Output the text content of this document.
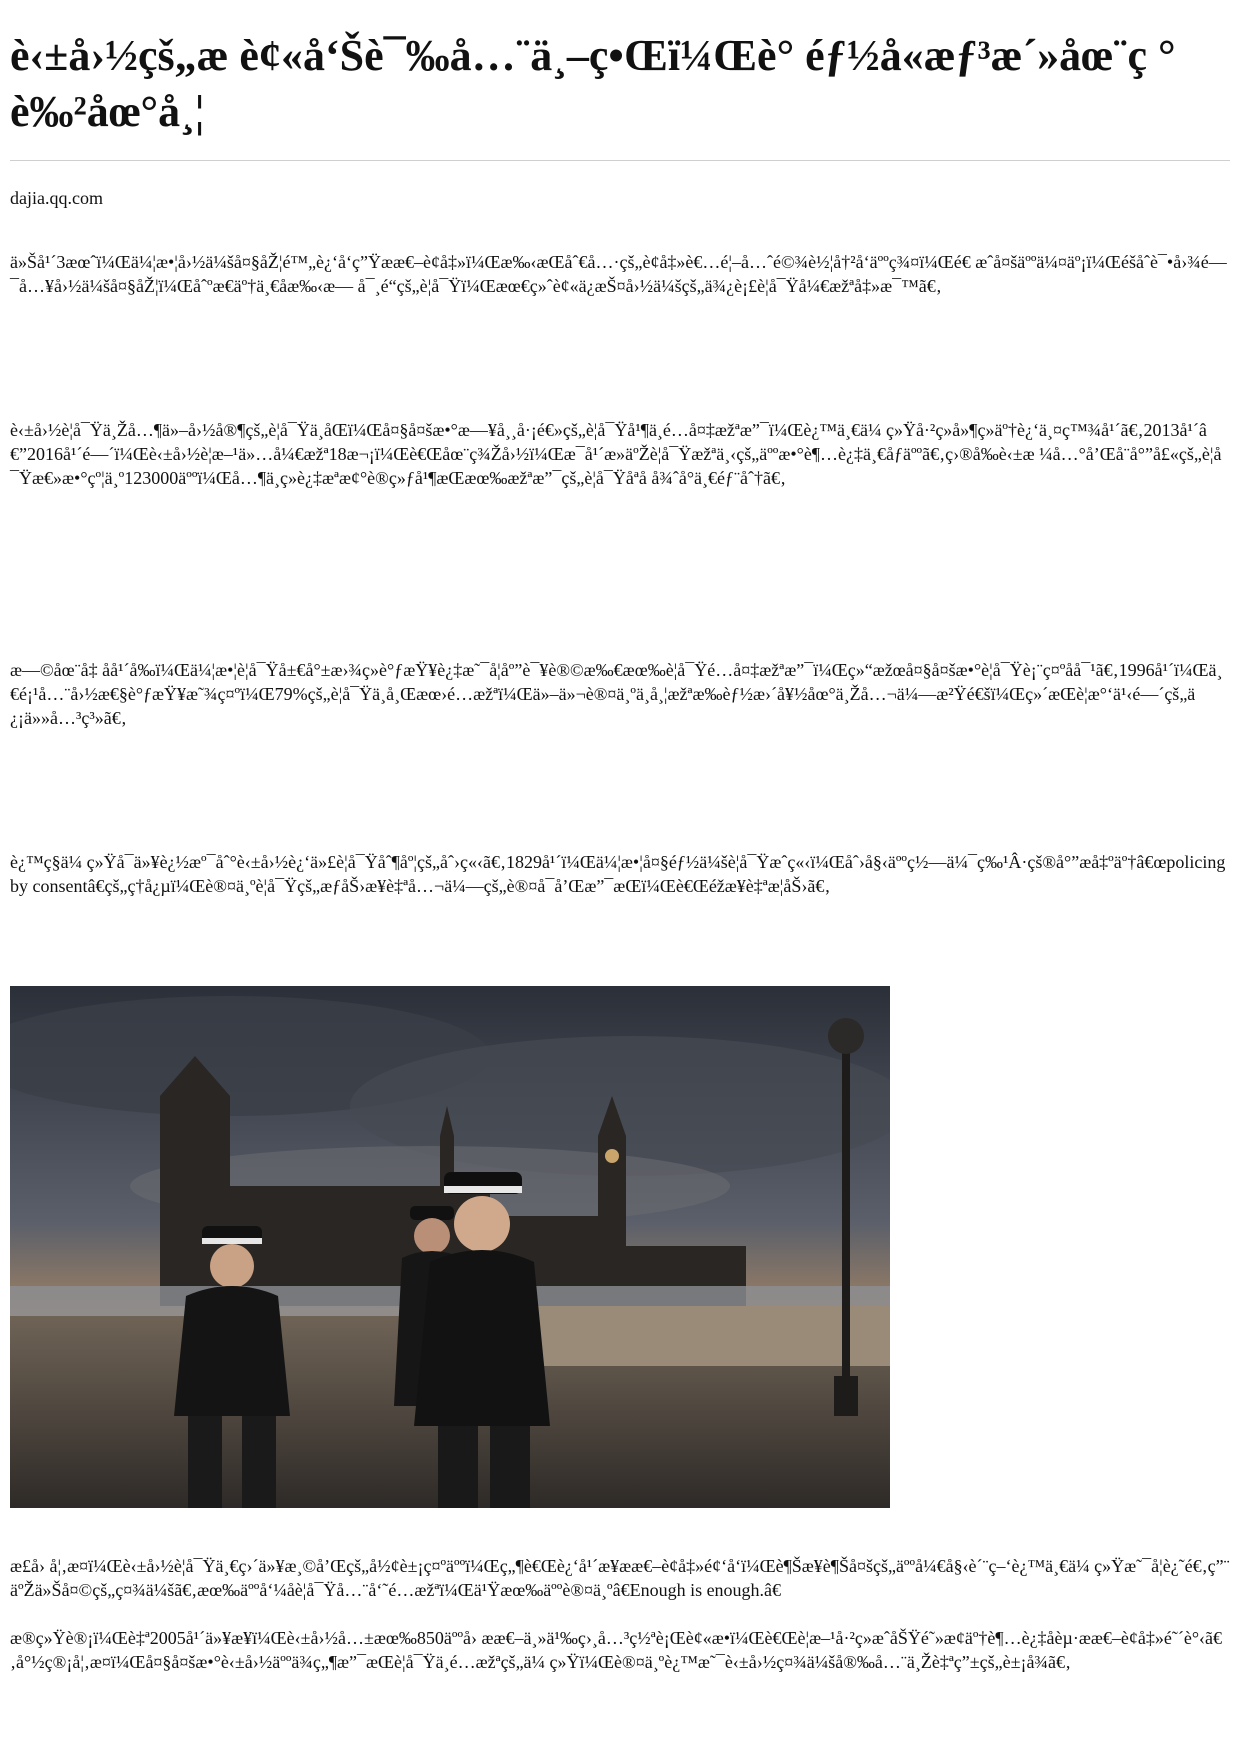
è‹±å›½çš„æ è¢«å‘Šè¯‰å…¨ä¸–ç•Œï¼Œè° éƒ½å«æƒ³æ´»åœ¨ç °è‰²åœ°å¸¦
dajia.qq.com

ä»Šå¹´3æœˆï¼Œä¼¦æ•¦å›½ä¼šå¤§åŽ¦é™„è¿‘å‘ç”Ÿææ€–è¢å‡»ï¼Œæ‰‹æŒåˆ€å…·çš„è¢å‡»è€…é¦–å…ˆé©¾è½¦å†²å‘äººç¾¤ï¼Œé€ æˆå¤šäººä¼¤äº¡ï¼Œéšåˆè¯•å›¾é—¯å…¥å›½ä¼šå¤§åŽ¦ï¼Œåˆºæ€äº†ä¸€åæ‰‹æ— å¯¸é“çš„è¦å¯Ÿï¼Œæœ€ç»ˆè¢«ä¿æŠ¤å›½ä¼šçš„ä¾¿è¡£è¦å¯Ÿå¼€æžªå‡»æ¯™ã€‚

è‹±å›½è¦å¯Ÿä¸Žå…¶ä»–å›½å®¶çš„è¦å¯Ÿä¸åŒï¼Œå¤§å¤šæ•°æ—¥å¸¸å·¡é€»çš„è¦å¯Ÿå¹¶ä¸é…å¤‡æžªæ”¯ï¼Œè¿™ä¸€ä¼ ç»Ÿå·²ç»å»¶ç»äº†è¿‘ä¸¤ç™¾å¹´ã€‚2013å¹´â€”2016å¹´é—´ï¼Œè‹±å›½è¦æ–¹ä»…å¼€æžª18æ¬¡ï¼Œè€Œåœ¨ç¾Žå›½ï¼Œæ¯å¹´æ»äºŽè¦å¯Ÿæžªä¸‹çš„äººæ•°è¶…è¿‡ä¸€åƒäººã€‚ç›®å‰è‹±æ ¼å…°å’Œå¨å°”å£«çš„è¦å¯Ÿæ€»æ•°çº¦ä¸º123000äººï¼Œå…¶ä¸ç»è¿‡æªæ¢°è®ç»ƒå¹¶æŒæœ‰æžªæ”¯çš„è¦å¯Ÿåªå å¾ˆå°ä¸€éƒ¨åˆ†ã€‚

æ—©åœ¨å‡ åå¹´å‰ï¼Œä¼¦æ•¦è¦å¯Ÿå±€å°±æ›¾ç»è°ƒæŸ¥è¿‡æ˜¯å¦åº”è¯¥è®©æ‰€æœ‰è¦å¯Ÿé…å¤‡æžªæ”¯ï¼Œç»“æžœå¤§å¤šæ•°è¦å¯Ÿè¡¨ç¤ºåå¯¹ã€‚1996å¹´ï¼Œä¸€é¡¹å…¨å›½æ€§è°ƒæŸ¥æ˜¾ç¤ºï¼Œ79%çš„è¦å¯Ÿä¸å¸Œæœ›é…æžªï¼Œä»–ä»¬è®¤ä¸ºä¸å¸¦æžªæ‰èƒ½æ›´å¥½åœ°ä¸Žå…¬ä¼—æ²Ÿé€šï¼Œç»´æŒè¦æ°‘ä¹‹é—´çš„ä¿¡ä»»å…³ç³»ã€‚

è¿™ç§ä¼ ç»Ÿå¯ä»¥è¿½æº¯åˆ°è‹±å›½è¿‘ä»£è¦å¯Ÿåˆ¶åº¦çš„åˆ›ç«‹ã€‚1829å¹´ï¼Œä¼¦æ•¦å¤§éƒ½ä¼šè¦å¯Ÿæˆç«‹ï¼Œåˆ›å§‹äººç½—ä¼¯ç‰¹Â·çš®å°”æå‡ºäº†â€œpolicing by consentâ€çš„ç†å¿µï¼Œè®¤ä¸ºè¦å¯Ÿçš„æƒåŠ›æ¥è‡ªå…¬ä¼—çš„è®¤å¯å’Œæ”¯æŒï¼Œè€Œéžæ¥è‡ªæ¦åŠ›ã€‚

æ£å› å¦‚æ¤ï¼Œè‹±å›½è¦å¯Ÿä¸€ç›´ä»¥æ¸©å’Œçš„å½¢è±¡ç¤ºäººï¼Œç„¶è€Œè¿‘å¹´æ¥ææ€–è¢å‡»é¢‘å‘ï¼Œè¶Šæ¥è¶Šå¤šçš„äººå¼€å§‹è´¨ç–‘è¿™ä¸€ä¼ ç»Ÿæ˜¯å¦è¿˜é€‚ç”¨äºŽä»Šå¤©çš„ç¤¾ä¼šã€‚æœ‰äººå‘¼åè¦å¯Ÿå…¨å‘˜é…æžªï¼Œä¹Ÿæœ‰äººè®¤ä¸ºâ€Enough is enough.â€

æ®ç»Ÿè®¡ï¼Œè‡ª2005å¹´ä»¥æ¥ï¼Œè‹±å›½å…±æœ‰850äººå› ææ€–ä¸»ä¹‰ç›¸å…³ç½ªè¡Œè¢«æ•ï¼Œè€Œè¦æ–¹å·²ç»æˆåŠŸé˜»æ¢äº†è¶…è¿‡åèµ·ææ€–è¢å‡»é˜´è°‹ã€‚å°½ç®¡å¦‚æ¤ï¼Œå¤§å¤šæ•°è‹±å›½äººä¾ç„¶æ”¯æŒè¦å¯Ÿä¸é…æžªçš„ä¼ ç»Ÿï¼Œè®¤ä¸ºè¿™æ˜¯è‹±å›½ç¤¾ä¼šå®‰å…¨ä¸Žè‡ªç”±çš„è±¡å¾ã€‚
